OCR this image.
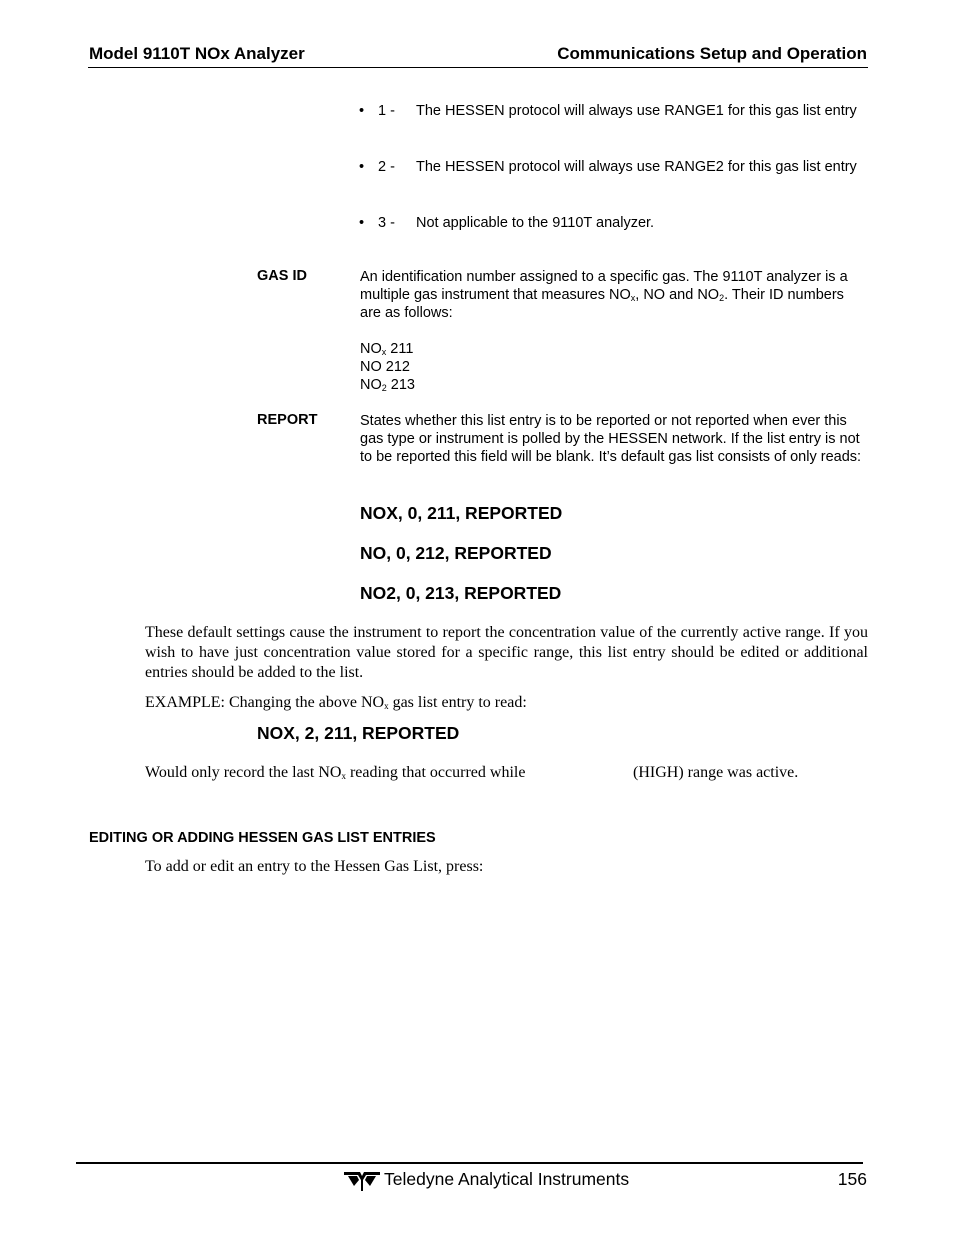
Model 9110T NOx Analyzer	Communications Setup and Operation
• 1 - The HESSEN protocol will always use RANGE1 for this gas list entry
• 2 - The HESSEN protocol will always use RANGE2 for this gas list entry
• 3 - Not applicable to the 9110T analyzer.
GAS ID	An identification number assigned to a specific gas. The 9110T analyzer is a multiple gas instrument that measures $NO_x$, NO and $NO_2$. Their ID numbers are as follows:
$NO_x$ 211
NO 212
$NO_2$ 213
REPORT	States whether this list entry is to be reported or not reported when ever this gas type or instrument is polled by the HESSEN network. If the list entry is not to be reported this field will be blank. It’s default gas list consists of only reads:
NOX, 0, 211, REPORTED
NO, 0, 212, REPORTED
NO2, 0, 213, REPORTED
These default settings cause the instrument to report the concentration value of the currently active range. If you wish to have just concentration value stored for a specific range, this list entry should be edited or additional entries should be added to the list.
EXAMPLE: Changing the above $NO_x$ gas list entry to read:
NOX, 2, 211, REPORTED
Would only record the last $NO_x$ reading that occurred while	(HIGH) range was active.
EDITING OR ADDING HESSEN GAS LIST ENTRIES
To add or edit an entry to the Hessen Gas List, press:
Teledyne Analytical Instruments	156
